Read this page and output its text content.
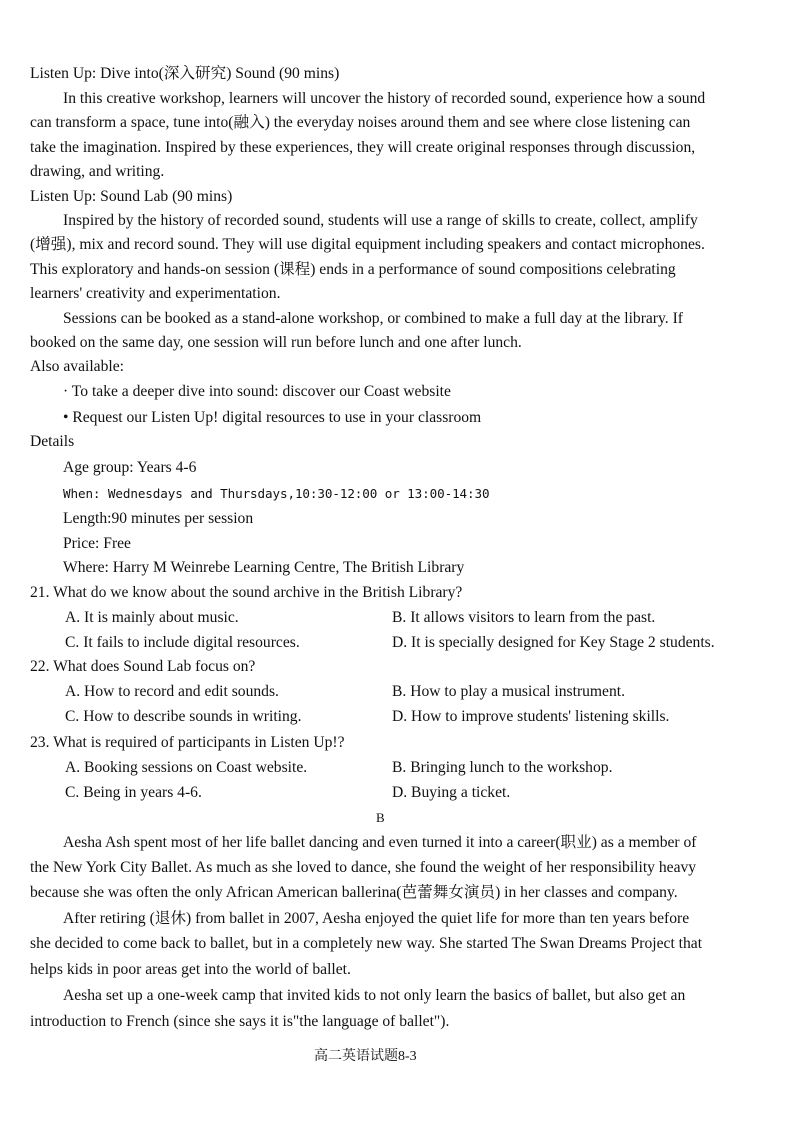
Listen Up: Dive into(深入研究) Sound (90 mins)
In this creative workshop, learners will uncover the history of recorded sound, experience how a sound
can transform a space, tune into(融入) the everyday noises around them and see where close listening can
take the imagination. Inspired by these experiences, they will create original responses through discussion,
drawing, and writing.
Listen Up: Sound Lab (90 mins)
Inspired by the history of recorded sound, students will use a range of skills to create, collect, amplify
(增强), mix and record sound. They will use digital equipment including speakers and contact microphones.
This exploratory and hands-on session (课程) ends in a performance of sound compositions celebrating
learners' creativity and experimentation.
Sessions can be booked as a stand-alone workshop, or combined to make a full day at the library. If
booked on the same day, one session will run before lunch and one after lunch.
Also available:
· To take a deeper dive into sound: discover our Coast website
• Request our Listen Up! digital resources to use in your classroom
Details
Age group: Years 4-6
When: Wednesdays and Thursdays,10:30-12:00 or 13:00-14:30
Length:90 minutes per session
Price: Free
Where: Harry M Weinrebe Learning Centre, The British Library
21. What do we know about the sound archive in the British Library?
A. It is mainly about music.	B. It allows visitors to learn from the past.
C. It fails to include digital resources.	D. It is specially designed for Key Stage 2 students.
22. What does Sound Lab focus on?
A. How to record and edit sounds.	B. How to play a musical instrument.
C. How to describe sounds in writing.	D. How to improve students' listening skills.
23. What is required of participants in Listen Up!?
A. Booking sessions on Coast website.	B. Bringing lunch to the workshop.
C. Being in years 4-6.	D. Buying a ticket.
B
Aesha Ash spent most of her life ballet dancing and even turned it into a career(职业) as a member of
the New York City Ballet. As much as she loved to dance, she found the weight of her responsibility heavy
because she was often the only African American ballerina(芭蕾舞女演员) in her classes and company.
After retiring (退休) from ballet in 2007, Aesha enjoyed the quiet life for more than ten years before
she decided to come back to ballet, but in a completely new way. She started The Swan Dreams Project that
helps kids in poor areas get into the world of ballet.
Aesha set up a one-week camp that invited kids to not only learn the basics of ballet, but also get an
introduction to French (since she says it is"the language of ballet").
高二英语试题8-3
